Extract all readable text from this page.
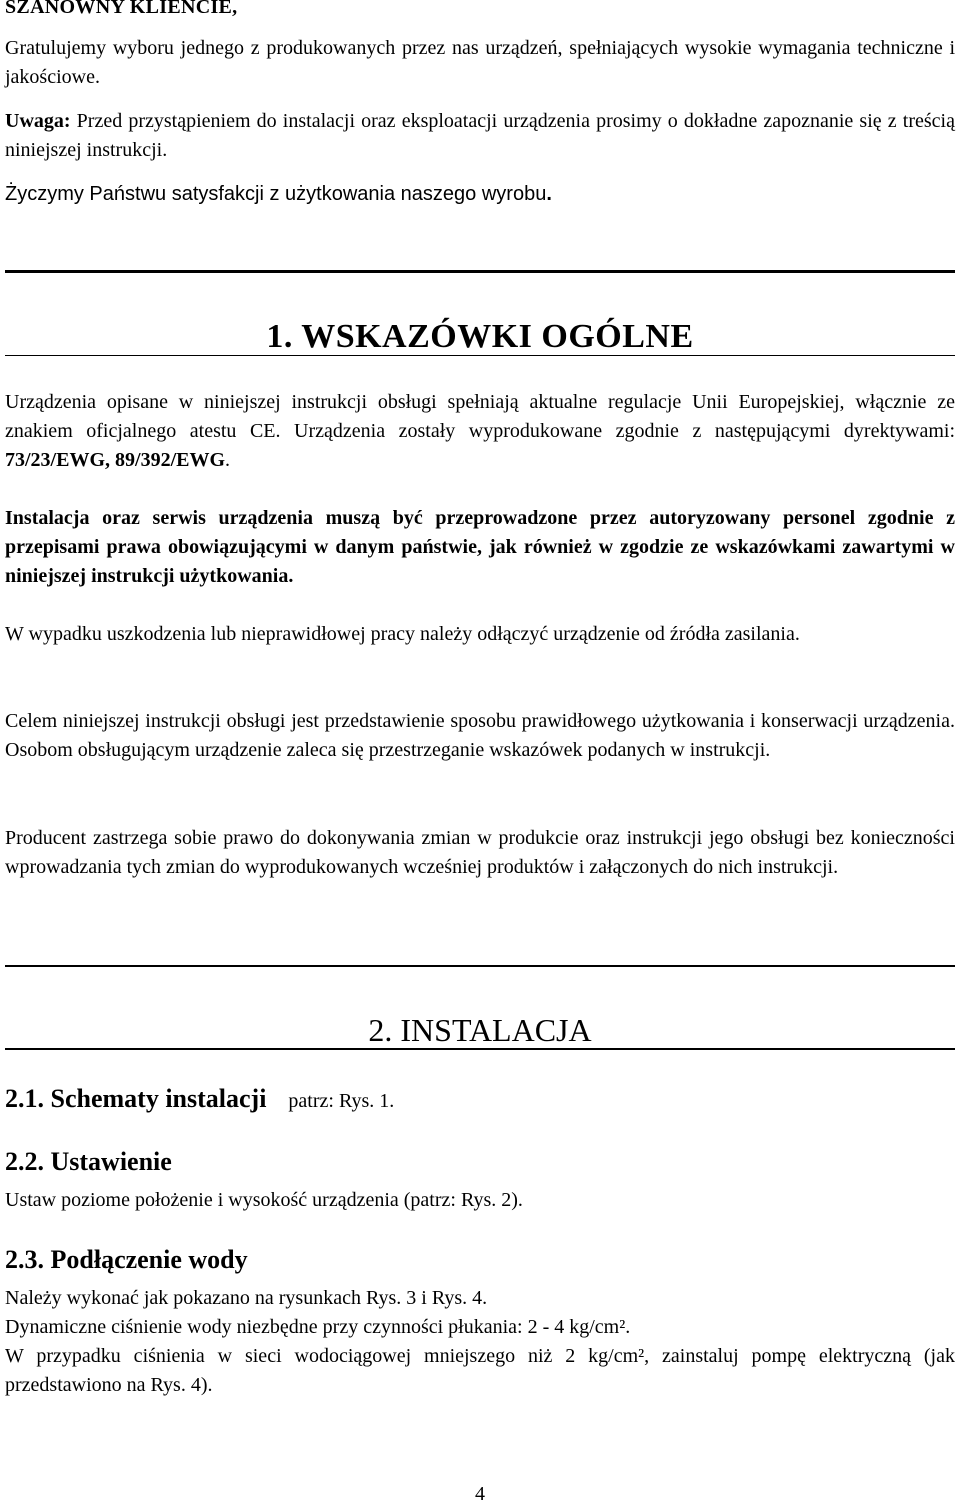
SZANOWNY KLIENCIE,

Gratulujemy wyboru jednego z produkowanych przez nas urządzeń, spełniających wysokie wymagania techniczne i jakościowe.

Uwaga: Przed przystąpieniem do instalacji oraz eksploatacji urządzenia prosimy o dokładne zapoznanie się z treścią niniejszej instrukcji.

Życzymy Państwu satysfakcji z użytkowania naszego wyrobu.

1. WSKAZÓWKI OGÓLNE

Urządzenia opisane w niniejszej instrukcji obsługi spełniają aktualne regulacje Unii Europejskiej, włącznie ze znakiem oficjalnego atestu CE. Urządzenia zostały wyprodukowane zgodnie z następującymi dyrektywami: 73/23/EWG, 89/392/EWG.

Instalacja oraz serwis urządzenia muszą być przeprowadzone przez autoryzowany personel zgodnie z przepisami prawa obowiązującymi w danym państwie, jak również w zgodzie ze wskazówkami zawartymi w niniejszej instrukcji użytkowania.

W wypadku uszkodzenia lub nieprawidłowej pracy należy odłączyć urządzenie od źródła zasilania.

Celem niniejszej instrukcji obsługi jest przedstawienie sposobu prawidłowego użytkowania i konserwacji urządzenia. Osobom obsługującym urządzenie zaleca się przestrzeganie wskazówek podanych w instrukcji.

Producent zastrzega sobie prawo do dokonywania zmian w produkcie oraz instrukcji jego obsługi bez konieczności wprowadzania tych zmian do wyprodukowanych wcześniej produktów i załączonych do nich instrukcji.

2. INSTALACJA
2.1. Schematy instalacji patrz: Rys. 1.
2.2. Ustawienie

Ustaw poziome położenie i wysokość urządzenia (patrz: Rys. 2).

2.3. Podłączenie wody

Należy wykonać jak pokazano na rysunkach Rys. 3 i Rys. 4.

Dynamiczne ciśnienie wody niezbędne przy czynności płukania: 2 - 4 kg/cm².

W przypadku ciśnienia w sieci wodociągowej mniejszego niż 2 kg/cm², zainstaluj pompę elektryczną (jak przedstawiono na Rys. 4).

4
